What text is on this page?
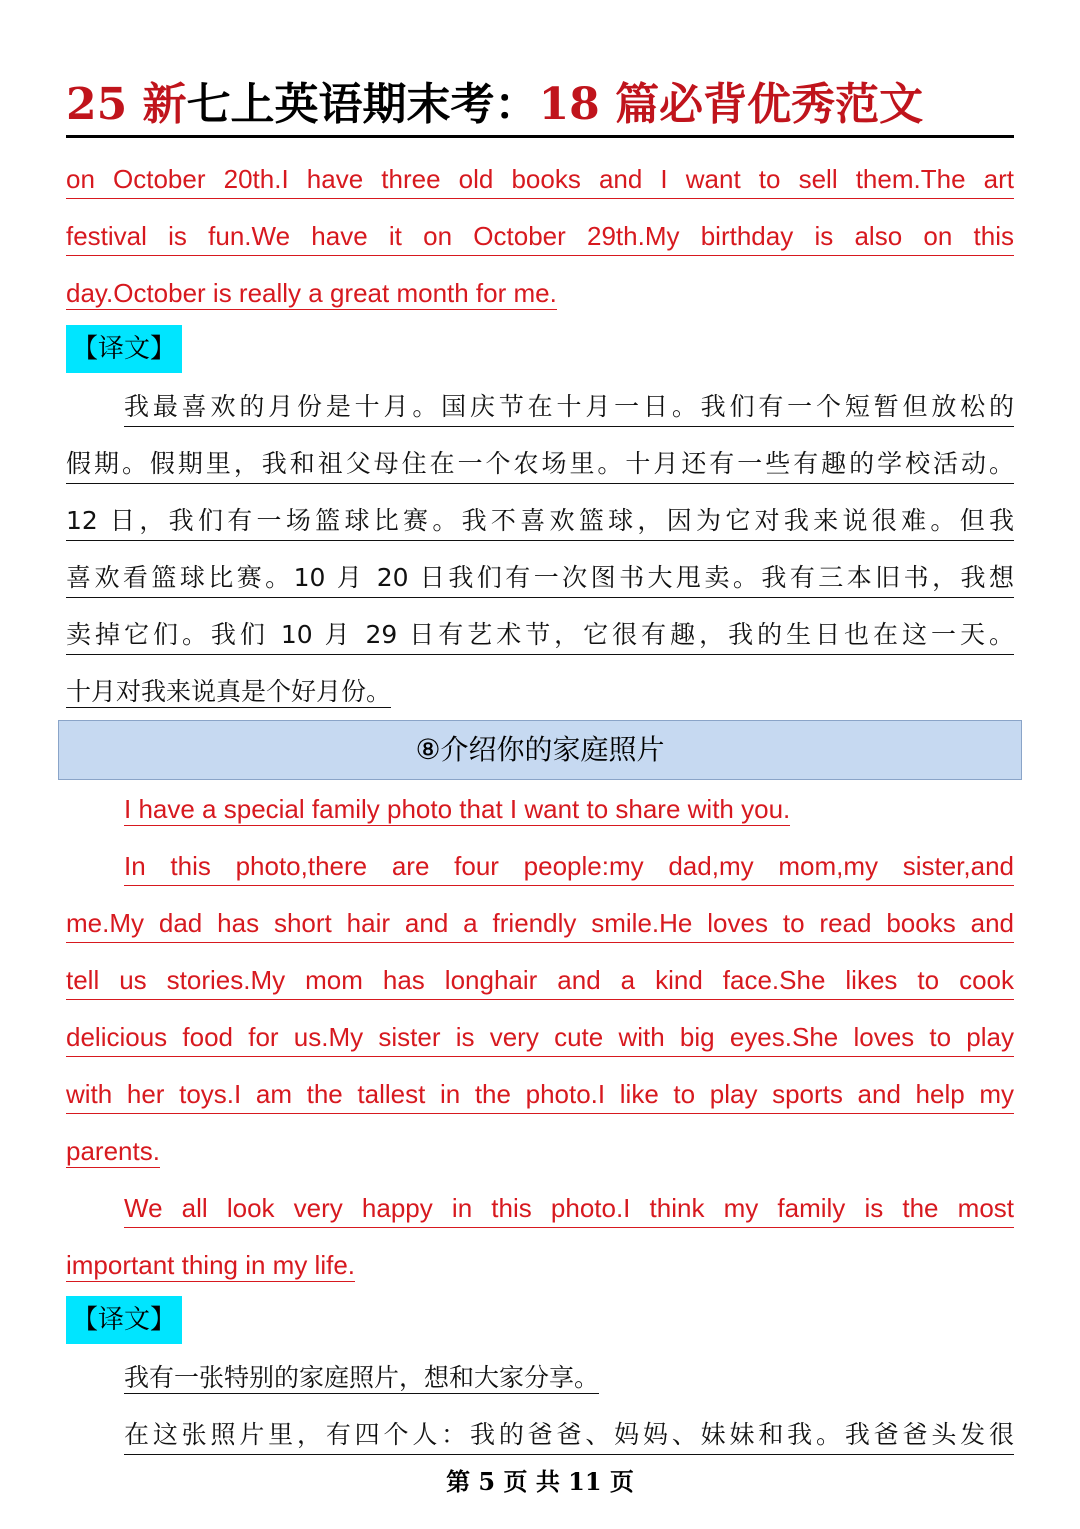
25 新七上英语期末考：18 篇必背优秀范文
on October 20th.I have three old books and I want to sell them.The art
festival is fun.We have it on October 29th.My birthday is also on this
day.October is really a great month for me.
【译文】
我最喜欢的月份是十月。国庆节在十月一日。我们有一个短暂但放松的
假期。假期里，我和祖父母住在一个农场里。十月还有一些有趣的学校活动。
12 日，我们有一场篮球比赛。我不喜欢篮球，因为它对我来说很难。但我
喜欢看篮球比赛。10 月 20 日我们有一次图书大甩卖。我有三本旧书，我想
卖掉它们。我们 10 月 29 日有艺术节，它很有趣，我的生日也在这一天。
十月对我来说真是个好月份。
⑧介绍你的家庭照片
I have a special family photo that I want to share with you.
In this photo,there are four people:my dad,my mom,my sister,and
me.My dad has short hair and a friendly smile.He loves to read books and
tell us stories.My mom has longhair and a kind face.She likes to cook
delicious food for us.My sister is very cute with big eyes.She loves to play
with her toys.I am the tallest in the photo.I like to play sports and help my
parents.
We all look very happy in this photo.I think my family is the most
important thing in my life.
【译文】
我有一张特别的家庭照片，想和大家分享。
在这张照片里，有四个人：我的爸爸、妈妈、妹妹和我。我爸爸头发很
第 5 页 共 11 页
